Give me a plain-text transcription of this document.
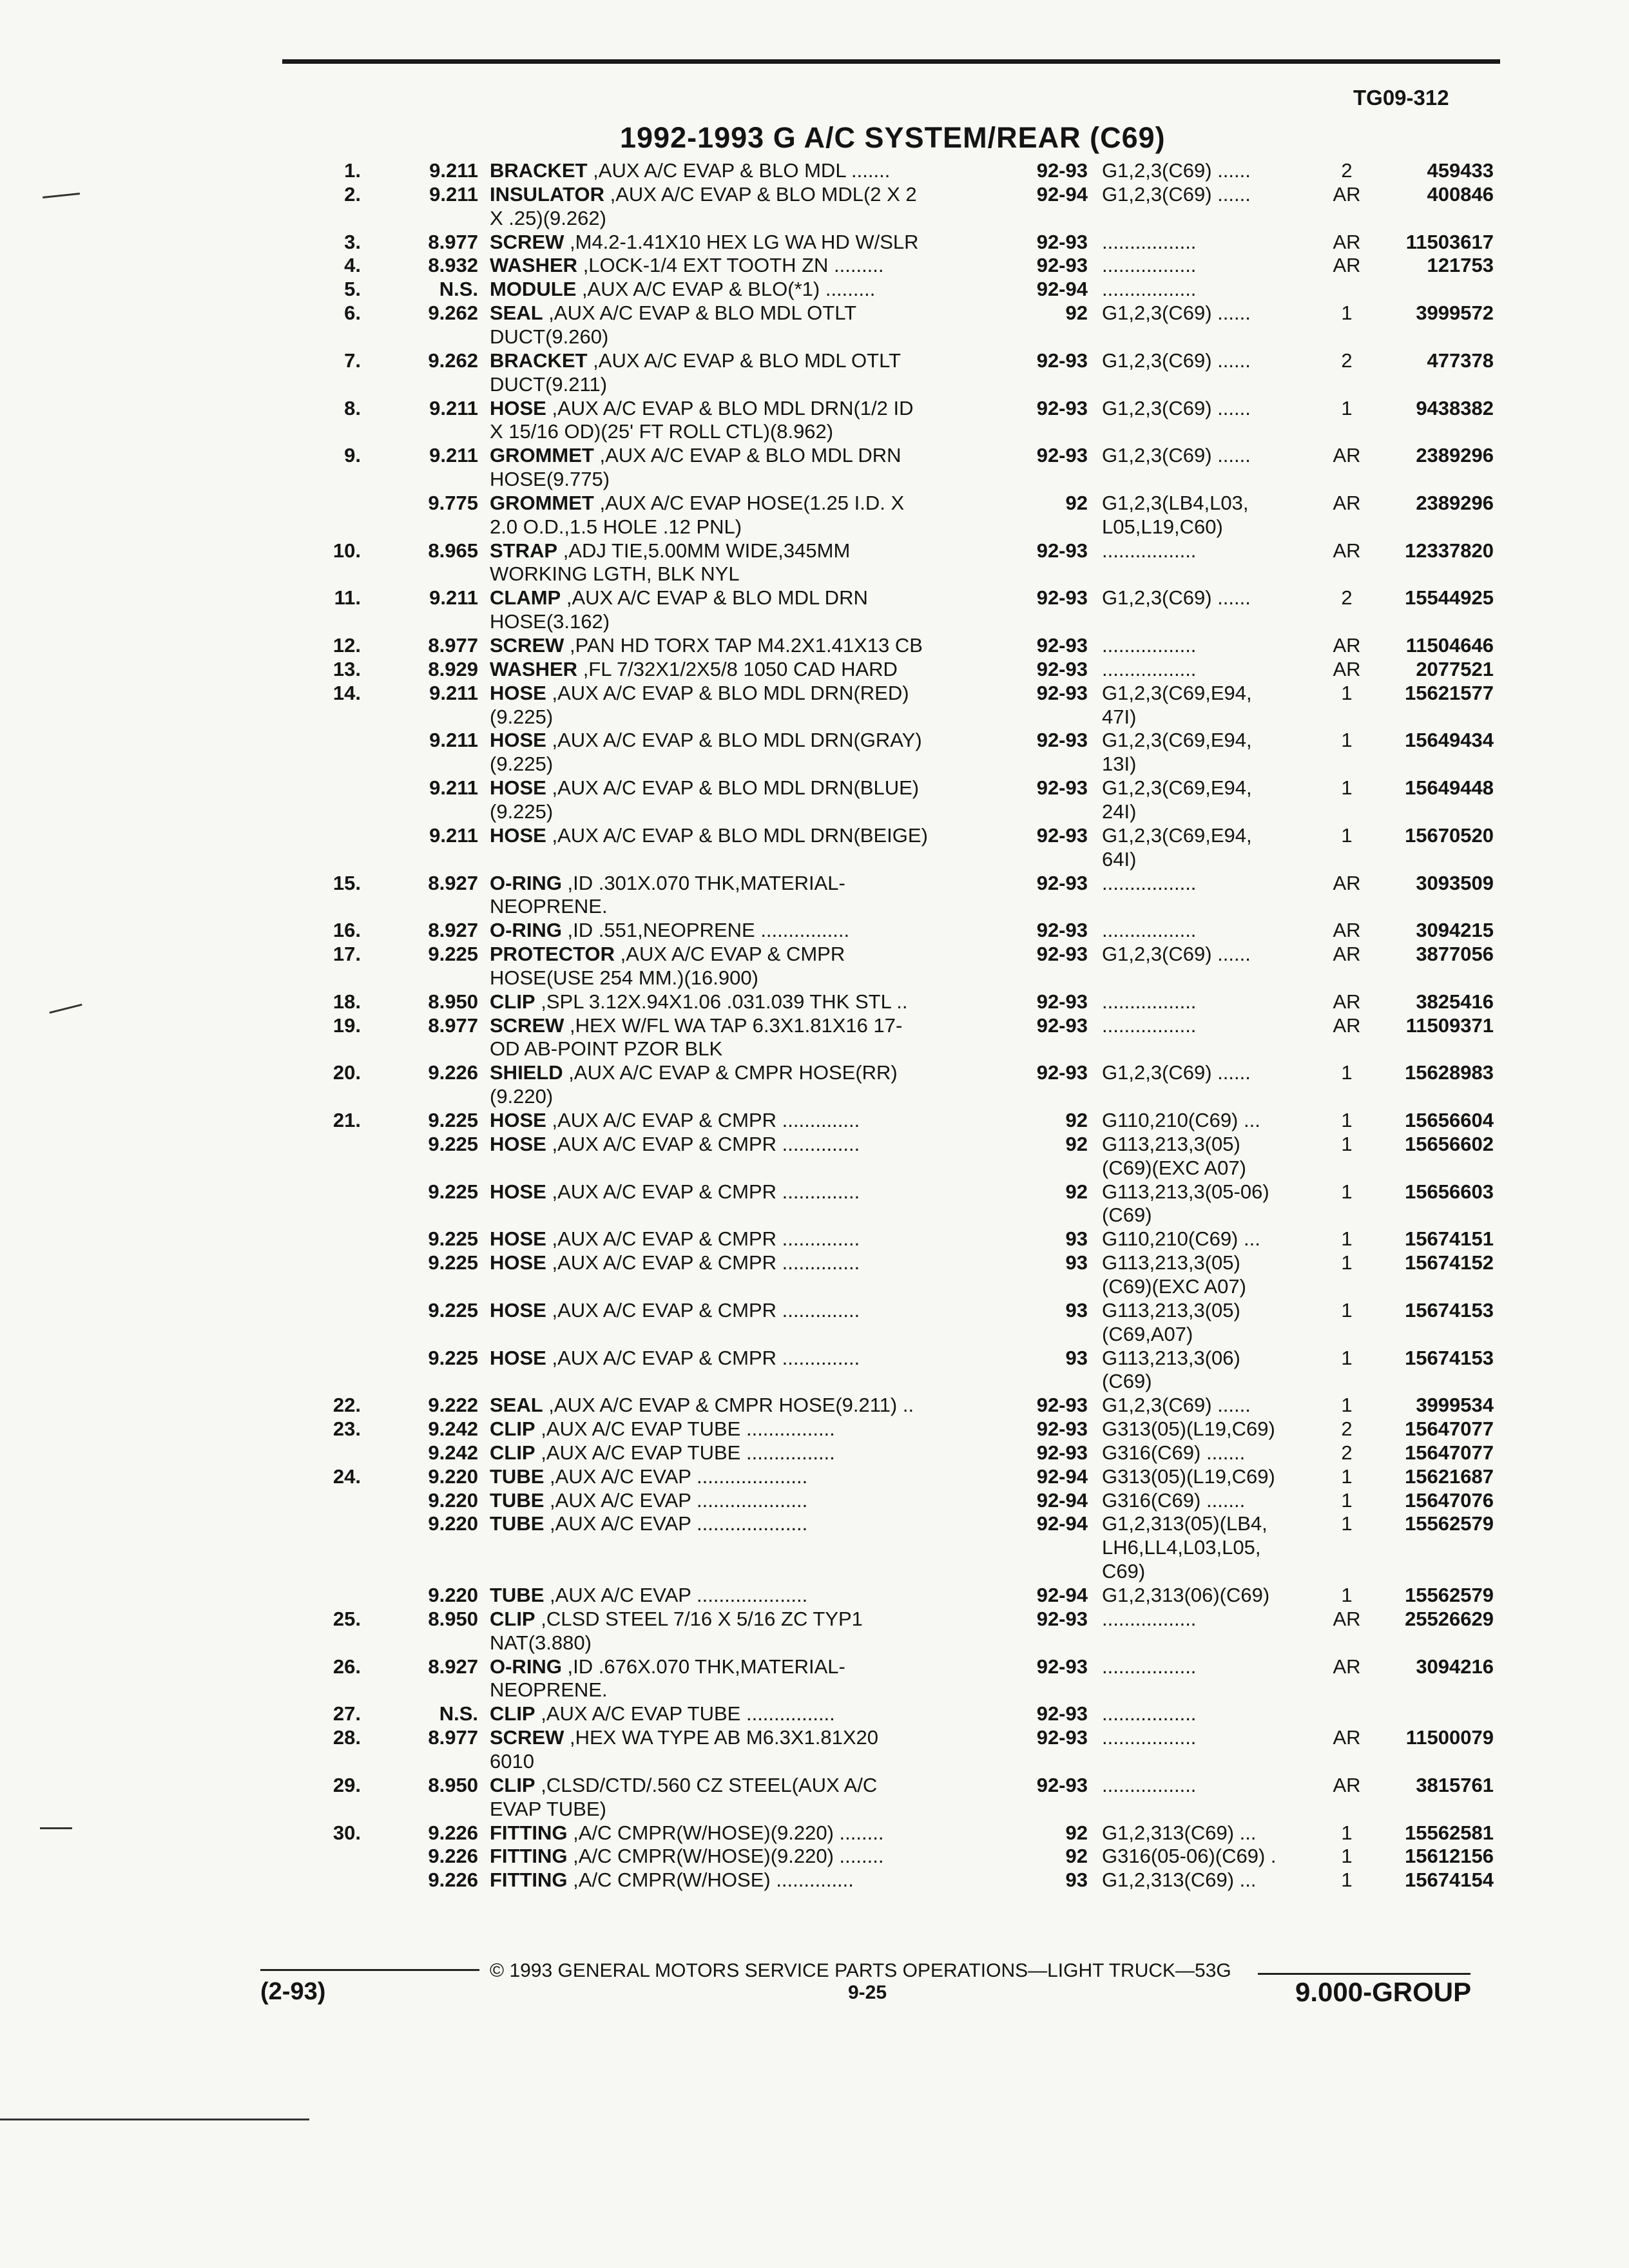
TG09-312
1992-1993 G A/C SYSTEM/REAR (C69)
1.	9.211 BRACKET ,AUX A/C EVAP & BLO MDL .......	92-93 G1,2,3(C69) ......	2	459433
2.	9.211 INSULATOR ,AUX A/C EVAP & BLO MDL(2 X 2	92-94 G1,2,3(C69) ......	AR	400846
X .25)(9.262)
3.	8.977 SCREW ,M4.2-1.41X10 HEX LG WA HD W/SLR	92-93 .................	AR	11503617
4.	8.932 WASHER ,LOCK-1/4 EXT TOOTH ZN .........	92-93 .................	AR	121753
5.	N.S. MODULE ,AUX A/C EVAP & BLO(*1) .........	92-94 .................
6.	9.262 SEAL ,AUX A/C EVAP & BLO MDL OTLT	92 G1,2,3(C69) ......	1	3999572
DUCT(9.260)
7.	9.262 BRACKET ,AUX A/C EVAP & BLO MDL OTLT	92-93 G1,2,3(C69) ......	2	477378
DUCT(9.211)
8.	9.211 HOSE ,AUX A/C EVAP & BLO MDL DRN(1/2 ID	92-93 G1,2,3(C69) ......	1	9438382
X 15/16 OD)(25' FT ROLL CTL)(8.962)
9.	9.211 GROMMET ,AUX A/C EVAP & BLO MDL DRN	92-93 G1,2,3(C69) ......	AR	2389296
HOSE(9.775)
9.775 GROMMET ,AUX A/C EVAP HOSE(1.25 I.D. X	92 G1,2,3(LB4,L03,	AR	2389296
2.0 O.D.,1.5 HOLE .12 PNL)	L05,L19,C60)
10.	8.965 STRAP ,ADJ TIE,5.00MM WIDE,345MM	92-93 .................	AR	12337820
WORKING LGTH, BLK NYL
11.	9.211 CLAMP ,AUX A/C EVAP & BLO MDL DRN	92-93 G1,2,3(C69) ......	2	15544925
HOSE(3.162)
12.	8.977 SCREW ,PAN HD TORX TAP M4.2X1.41X13 CB	92-93 .................	AR	11504646
13.	8.929 WASHER ,FL 7/32X1/2X5/8 1050 CAD HARD	92-93 .................	AR	2077521
14.	9.211 HOSE ,AUX A/C EVAP & BLO MDL DRN(RED)	92-93 G1,2,3(C69,E94,	1	15621577
(9.225)	47I)
9.211 HOSE ,AUX A/C EVAP & BLO MDL DRN(GRAY)	92-93 G1,2,3(C69,E94,	1	15649434
(9.225)	13I)
9.211 HOSE ,AUX A/C EVAP & BLO MDL DRN(BLUE)	92-93 G1,2,3(C69,E94,	1	15649448
(9.225)	24I)
9.211 HOSE ,AUX A/C EVAP & BLO MDL DRN(BEIGE)	92-93 G1,2,3(C69,E94,	1	15670520
64I)
15.	8.927 O-RING ,ID .301X.070 THK,MATERIAL-	92-93 .................	AR	3093509
NEOPRENE.
16.	8.927 O-RING ,ID .551,NEOPRENE ................	92-93 .................	AR	3094215
17.	9.225 PROTECTOR ,AUX A/C EVAP & CMPR	92-93 G1,2,3(C69) ......	AR	3877056
HOSE(USE 254 MM.)(16.900)
18.	8.950 CLIP ,SPL 3.12X.94X1.06 .031.039 THK STL ..	92-93 .................	AR	3825416
19.	8.977 SCREW ,HEX W/FL WA TAP 6.3X1.81X16 17-	92-93 .................	AR	11509371
OD AB-POINT PZOR BLK
20.	9.226 SHIELD ,AUX A/C EVAP & CMPR HOSE(RR)	92-93 G1,2,3(C69) ......	1	15628983
(9.220)
21.	9.225 HOSE ,AUX A/C EVAP & CMPR ..............	92 G110,210(C69) ...	1	15656604
9.225 HOSE ,AUX A/C EVAP & CMPR ..............	92 G113,213,3(05)	1	15656602
(C69)(EXC A07)
9.225 HOSE ,AUX A/C EVAP & CMPR ..............	92 G113,213,3(05-06)	1	15656603
(C69)
9.225 HOSE ,AUX A/C EVAP & CMPR ..............	93 G110,210(C69) ...	1	15674151
9.225 HOSE ,AUX A/C EVAP & CMPR ..............	93 G113,213,3(05)	1	15674152
(C69)(EXC A07)
9.225 HOSE ,AUX A/C EVAP & CMPR ..............	93 G113,213,3(05)	1	15674153
(C69,A07)
9.225 HOSE ,AUX A/C EVAP & CMPR ..............	93 G113,213,3(06)	1	15674153
(C69)
22.	9.222 SEAL ,AUX A/C EVAP & CMPR HOSE(9.211) ..	92-93 G1,2,3(C69) ......	1	3999534
23.	9.242 CLIP ,AUX A/C EVAP TUBE ................	92-93 G313(05)(L19,C69)	2	15647077
9.242 CLIP ,AUX A/C EVAP TUBE ................	92-93 G316(C69) .......	2	15647077
24.	9.220 TUBE ,AUX A/C EVAP ....................	92-94 G313(05)(L19,C69)	1	15621687
9.220 TUBE ,AUX A/C EVAP ....................	92-94 G316(C69) .......	1	15647076
9.220 TUBE ,AUX A/C EVAP ....................	92-94 G1,2,313(05)(LB4,	1	15562579
LH6,LL4,L03,L05,
C69)
9.220 TUBE ,AUX A/C EVAP ....................	92-94 G1,2,313(06)(C69)	1	15562579
25.	8.950 CLIP ,CLSD STEEL 7/16 X 5/16 ZC TYP1	92-93 .................	AR	25526629
NAT(3.880)
26.	8.927 O-RING ,ID .676X.070 THK,MATERIAL-	92-93 .................	AR	3094216
NEOPRENE.
27.	N.S. CLIP ,AUX A/C EVAP TUBE ................	92-93 .................
28.	8.977 SCREW ,HEX WA TYPE AB M6.3X1.81X20	92-93 .................	AR	11500079
6010
29.	8.950 CLIP ,CLSD/CTD/.560 CZ STEEL(AUX A/C	92-93 .................	AR	3815761
EVAP TUBE)
30.	9.226 FITTING ,A/C CMPR(W/HOSE)(9.220) ........	92 G1,2,313(C69) ...	1	15562581
9.226 FITTING ,A/C CMPR(W/HOSE)(9.220) ........	92 G316(05-06)(C69) .	1	15612156
9.226 FITTING ,A/C CMPR(W/HOSE) ..............	93 G1,2,313(C69) ...	1	15674154
© 1993 GENERAL MOTORS SERVICE PARTS OPERATIONS—LIGHT TRUCK—53G
(2-93)	9-25	9.000-GROUP
